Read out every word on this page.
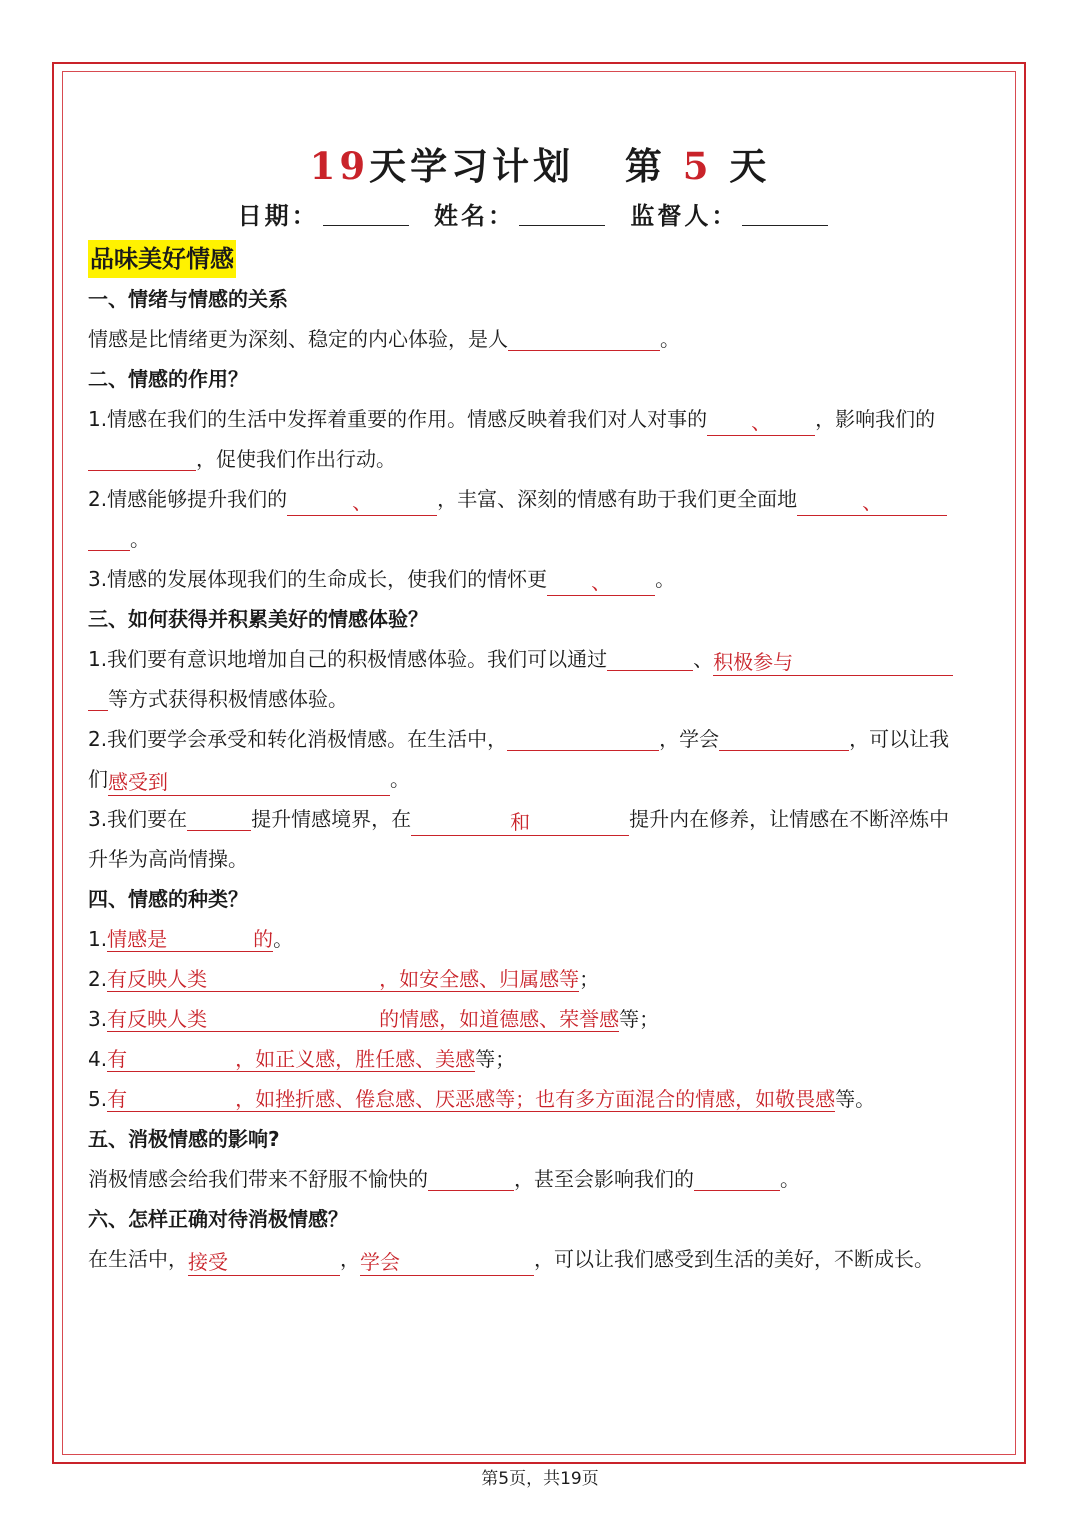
19天学习计划 第 5 天
日期：	姓名：	监督人：
品味美好情感
一、情绪与情感的关系
情感是比情绪更为深刻、稳定的内心体验，是人	。
二、情感的作用？
1.情感在我们的生活中发挥着重要的作用。情感反映着我们对人对事的 、 ，影响我们的
，促使我们作出行动。
2.情感能够提升我们的	、	，丰富、深刻的情感有助于我们更全面地	、
。
3.情感的发展体现我们的生命成长，使我们的情怀更 、 。
三、如何获得并积累美好的情感体验？
1.我们要有意识地增加自己的积极情感体验。我们可以通过	、积极参与
等方式获得积极情感体验。
2.我们要学会承受和转化消极情感。在生活中，	，学会	，可以让我
们感受到	。
3.我们要在	提升情感境界，在	和	提升内在修养，让情感在不断淬炼中
升华为高尚情操。
四、情感的种类？
1.情感是	的。
2.有反映人类	，如安全感、归属感等；
3.有反映人类	的情感，如道德感、荣誉感等；
4.有	，如正义感，胜任感、美感等；
5.有	，如挫折感、倦怠感、厌恶感等；也有多方面混合的情感，如敬畏感等。
五、消极情感的影响?
消极情感会给我们带来不舒服不愉快的	，甚至会影响我们的	。
六、怎样正确对待消极情感？
在生活中，接受	，学会	，可以让我们感受到生活的美好，不断成长。
第5页，共19页
